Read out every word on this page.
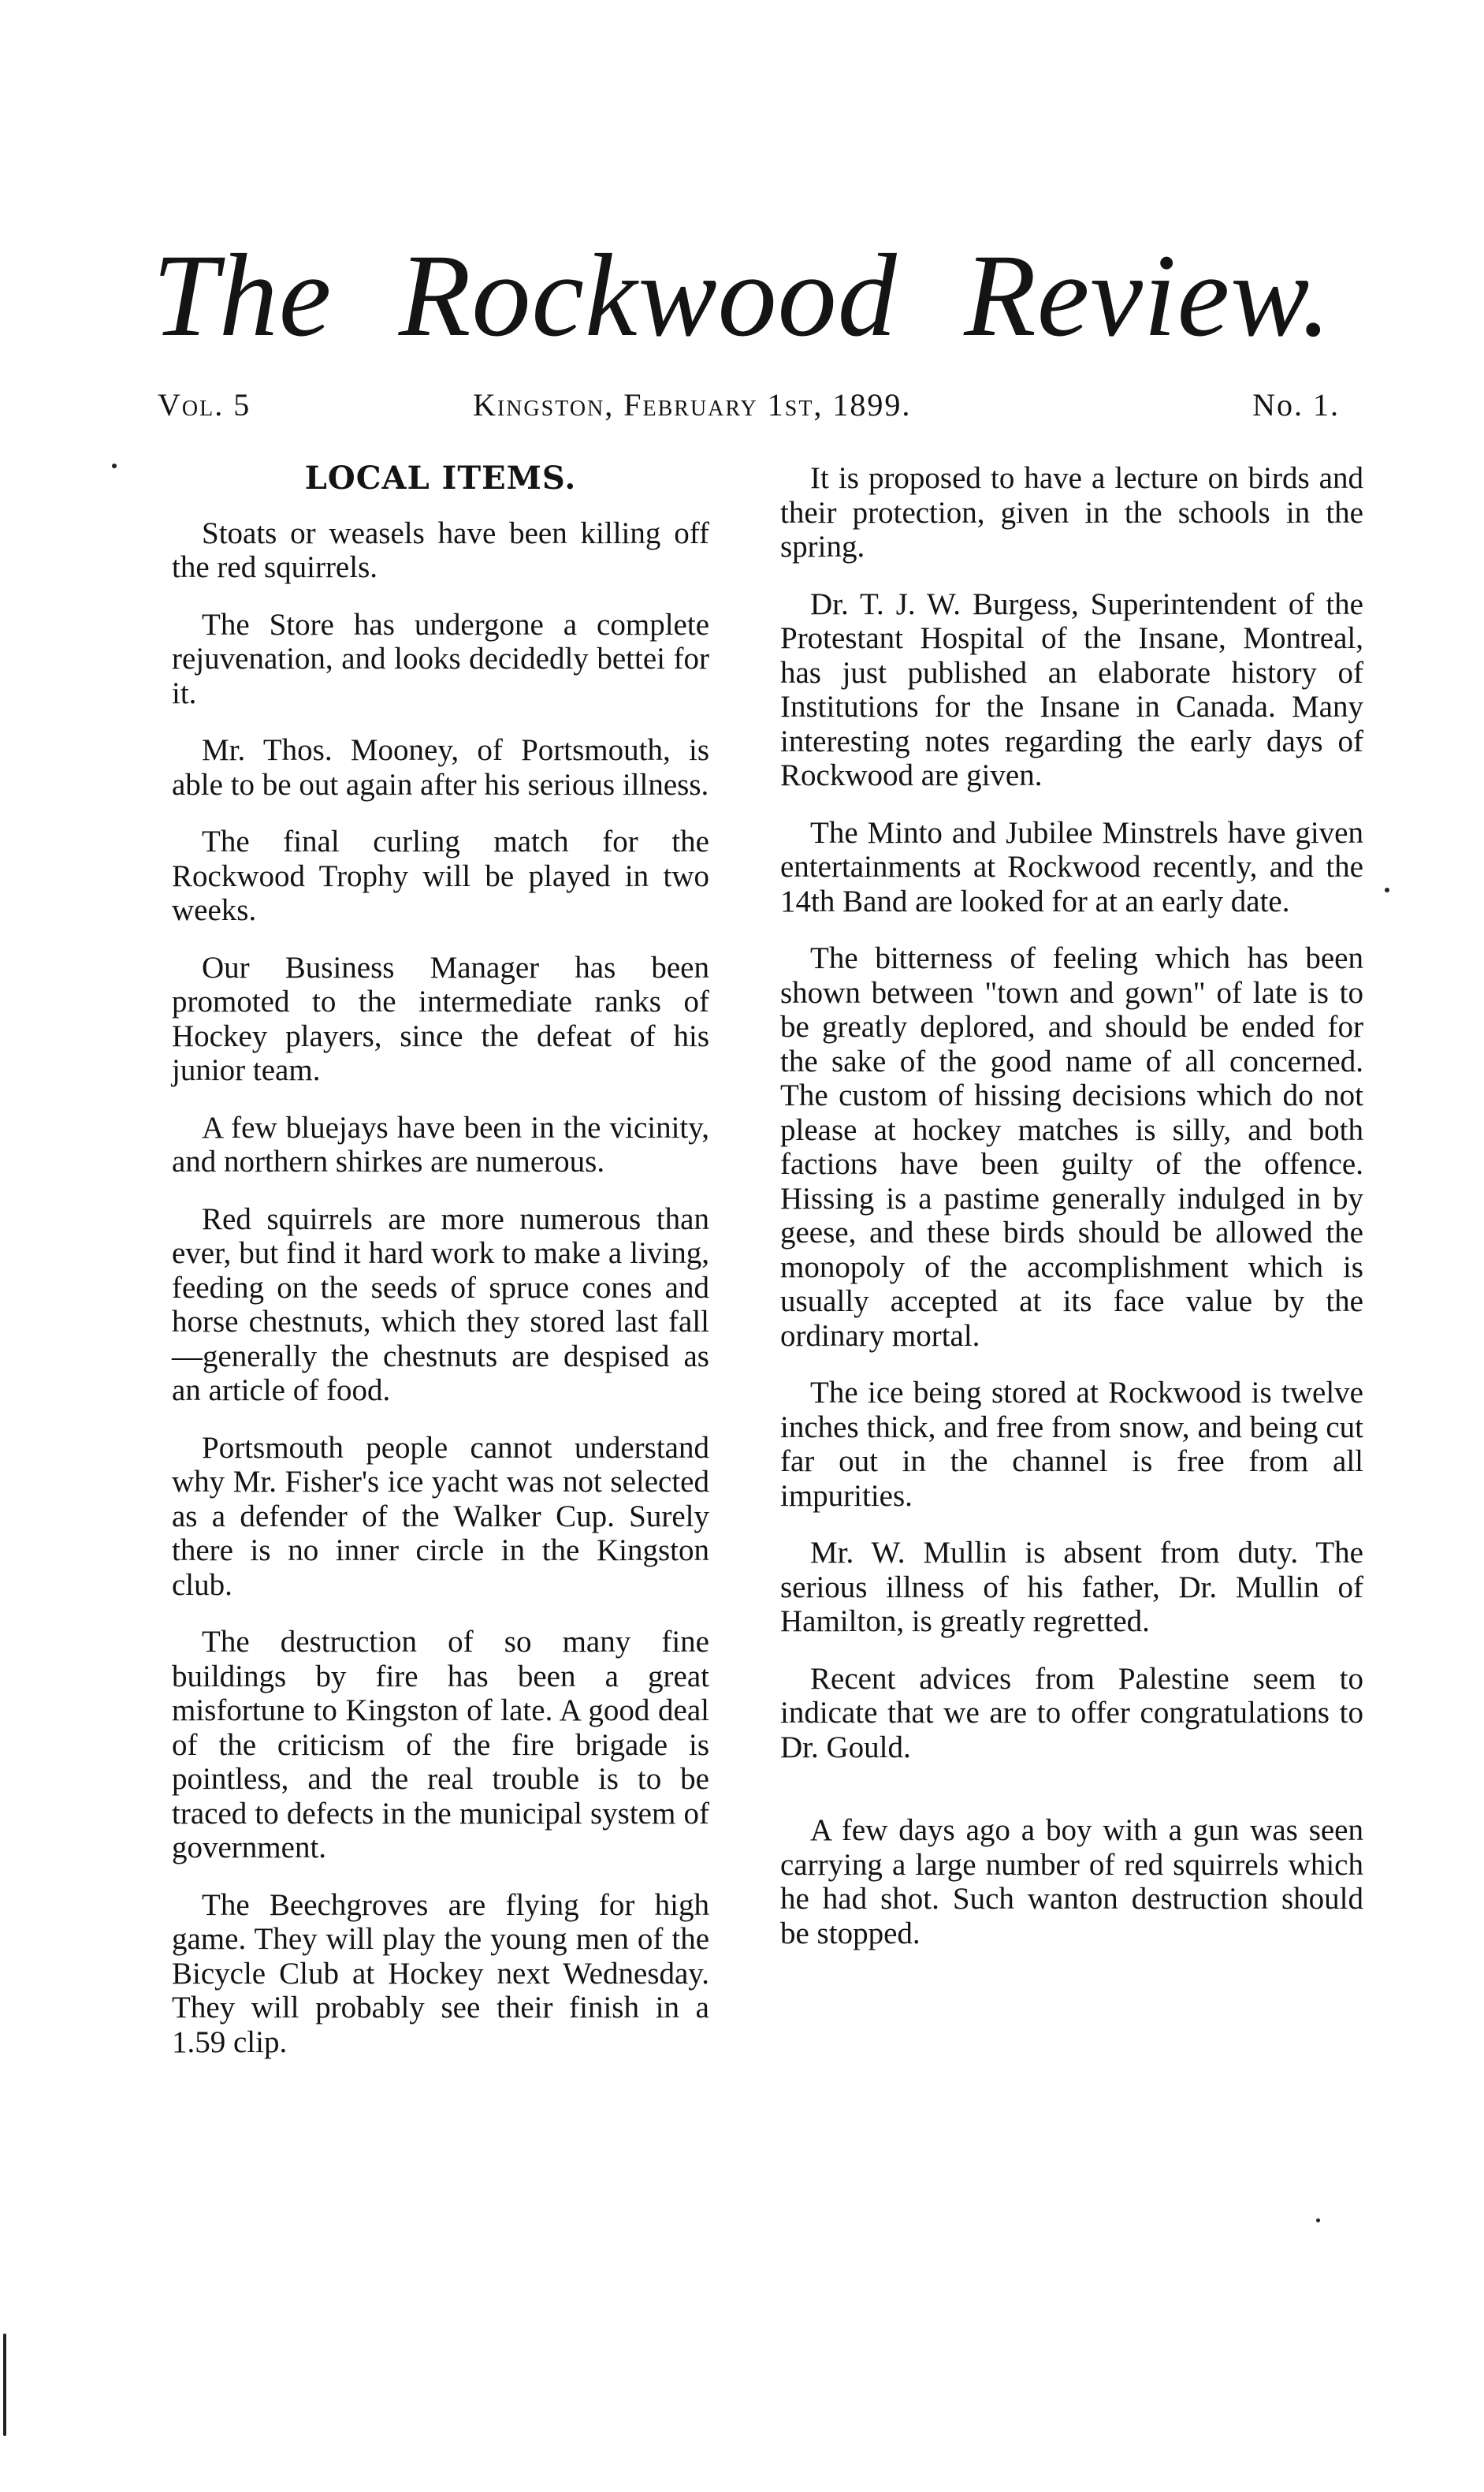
The Rockwood Review.
Vol. 5	Kingston, February 1st, 1899.	No. 1.
LOCAL ITEMS.

Stoats or weasels have been killing off the red squirrels.

The Store has undergone a complete rejuvenation, and looks decidedly bettei for it.

Mr. Thos. Mooney, of Portsmouth, is able to be out again after his serious illness.

The final curling match for the Rockwood Trophy will be played in two weeks.

Our Business Manager has been promoted to the intermediate ranks of Hockey players, since the defeat of his junior team.

A few bluejays have been in the vicinity, and northern shirkes are numerous.

Red squirrels are more numerous than ever, but find it hard work to make a living, feeding on the seeds of spruce cones and horse chestnuts, which they stored last fall—generally the chestnuts are despised as an article of food.

Portsmouth people cannot understand why Mr. Fisher's ice yacht was not selected as a defender of the Walker Cup. Surely there is no inner circle in the Kingston club.

The destruction of so many fine buildings by fire has been a great misfortune to Kingston of late. A good deal of the criticism of the fire brigade is pointless, and the real trouble is to be traced to defects in the municipal system of government.

The Beechgroves are flying for high game. They will play the young men of the Bicycle Club at Hockey next Wednesday. They will probably see their finish in a 1.59 clip.

It is proposed to have a lecture on birds and their protection, given in the schools in the spring.

Dr. T. J. W. Burgess, Superintendent of the Protestant Hospital of the Insane, Montreal, has just published an elaborate history of Institutions for the Insane in Canada. Many interesting notes regarding the early days of Rockwood are given.

The Minto and Jubilee Minstrels have given entertainments at Rockwood recently, and the 14th Band are looked for at an early date.

The bitterness of feeling which has been shown between "town and gown" of late is to be greatly deplored, and should be ended for the sake of the good name of all concerned. The custom of hissing decisions which do not please at hockey matches is silly, and both factions have been guilty of the offence. Hissing is a pastime generally indulged in by geese, and these birds should be allowed the monopoly of the accomplishment which is usually accepted at its face value by the ordinary mortal.

The ice being stored at Rockwood is twelve inches thick, and free from snow, and being cut far out in the channel is free from all impurities.

Mr. W. Mullin is absent from duty. The serious illness of his father, Dr. Mullin of Hamilton, is greatly regretted.

Recent advices from Palestine seem to indicate that we are to offer congratulations to Dr. Gould.

A few days ago a boy with a gun was seen carrying a large number of red squirrels which he had shot. Such wanton destruction should be stopped.
